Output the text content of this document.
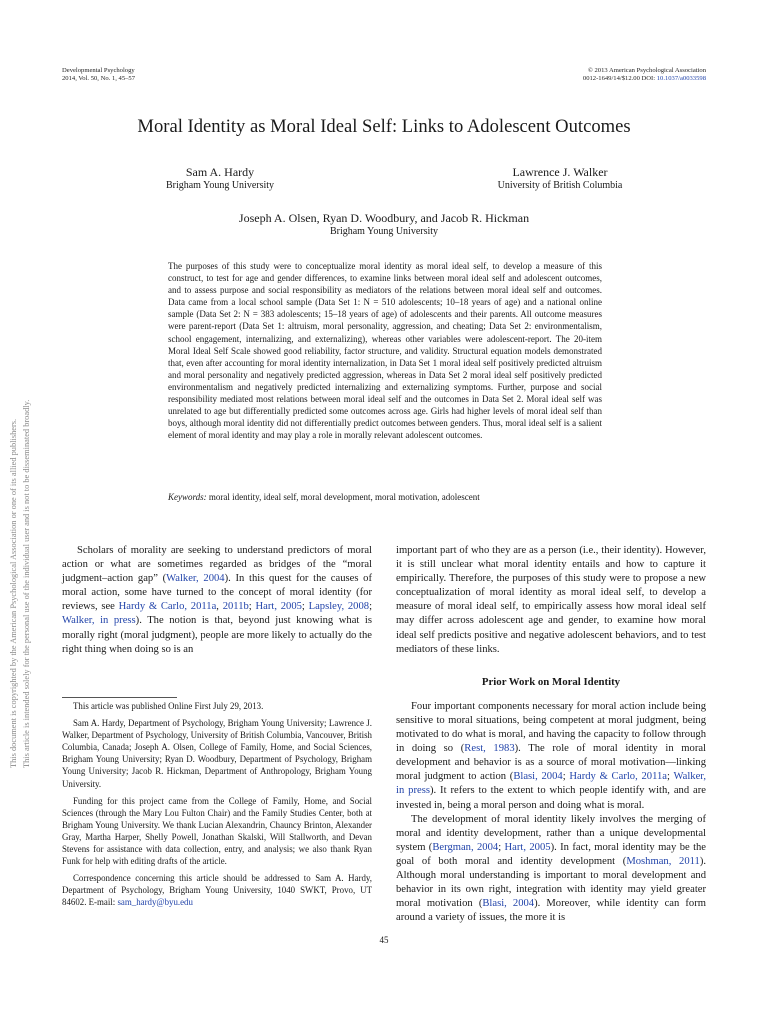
Developmental Psychology
2014, Vol. 50, No. 1, 45–57
© 2013 American Psychological Association
0012-1649/14/$12.00 DOI: 10.1037/a0033598
Moral Identity as Moral Ideal Self: Links to Adolescent Outcomes
Sam A. Hardy
Brigham Young University
Lawrence J. Walker
University of British Columbia
Joseph A. Olsen, Ryan D. Woodbury, and Jacob R. Hickman
Brigham Young University
The purposes of this study were to conceptualize moral identity as moral ideal self, to develop a measure of this construct, to test for age and gender differences, to examine links between moral ideal self and adolescent outcomes, and to assess purpose and social responsibility as mediators of the relations between moral ideal self and outcomes. Data came from a local school sample (Data Set 1: N = 510 adolescents; 10–18 years of age) and a national online sample (Data Set 2: N = 383 adolescents; 15–18 years of age) of adolescents and their parents. All outcome measures were parent-report (Data Set 1: altruism, moral personality, aggression, and cheating; Data Set 2: environmentalism, school engagement, internalizing, and externalizing), whereas other variables were adolescent-report. The 20-item Moral Ideal Self Scale showed good reliability, factor structure, and validity. Structural equation models demonstrated that, even after accounting for moral identity internalization, in Data Set 1 moral ideal self positively predicted altruism and moral personality and negatively predicted aggression, whereas in Data Set 2 moral ideal self positively predicted environmentalism and negatively predicted internalizing and externalizing symptoms. Further, purpose and social responsibility mediated most relations between moral ideal self and the outcomes in Data Set 2. Moral ideal self was unrelated to age but differentially predicted some outcomes across age. Girls had higher levels of moral ideal self than boys, although moral identity did not differentially predict outcomes between genders. Thus, moral ideal self is a salient element of moral identity and may play a role in morally relevant adolescent outcomes.
Keywords: moral identity, ideal self, moral development, moral motivation, adolescent

Scholars of morality are seeking to understand predictors of moral action or what are sometimes regarded as bridges of the “moral judgment–action gap” (Walker, 2004). In this quest for the causes of moral action, some have turned to the concept of moral identity (for reviews, see Hardy & Carlo, 2011a, 2011b; Hart, 2005; Lapsley, 2008; Walker, in press). The notion is that, beyond just knowing what is morally right (moral judgment), people are more likely to actually do the right thing when doing so is an

This article was published Online First July 29, 2013.

Sam A. Hardy, Department of Psychology, Brigham Young University; Lawrence J. Walker, Department of Psychology, University of British Columbia, Vancouver, British Columbia, Canada; Joseph A. Olsen, College of Family, Home, and Social Sciences, Brigham Young University; Ryan D. Woodbury, Department of Psychology, Brigham Young University; Jacob R. Hickman, Department of Anthropology, Brigham Young University.

Funding for this project came from the College of Family, Home, and Social Sciences (through the Mary Lou Fulton Chair) and the Family Studies Center, both at Brigham Young University. We thank Lucian Alexandrin, Chauncy Brinton, Alexander Gray, Martha Harper, Shelly Powell, Jonathan Skalski, Will Stallworth, and Devan Stevens for assistance with data collection, entry, and analysis; we also thank Ryan Funk for help with editing drafts of the article.

Correspondence concerning this article should be addressed to Sam A. Hardy, Department of Psychology, Brigham Young University, 1040 SWKT, Provo, UT 84602. E-mail: sam_hardy@byu.edu

important part of who they are as a person (i.e., their identity). However, it is still unclear what moral identity entails and how to capture it empirically. Therefore, the purposes of this study were to propose a new conceptualization of moral identity as moral ideal self, to develop a measure of moral ideal self, to empirically assess how moral ideal self may differ across adolescent age and gender, to examine how moral ideal self predicts positive and negative adolescent behaviors, and to test mediators of these links.

Prior Work on Moral Identity

Four important components necessary for moral action include being sensitive to moral situations, being competent at moral judgment, being motivated to do what is moral, and having the capacity to follow through in doing so (Rest, 1983). The role of moral identity in moral development and behavior is as a source of moral motivation—linking moral judgment to action (Blasi, 2004; Hardy & Carlo, 2011a; Walker, in press). It refers to the extent to which people identify with, and are invested in, being a moral person and doing what is moral.

The development of moral identity likely involves the merging of moral and identity development, rather than a unique developmental system (Bergman, 2004; Hart, 2005). In fact, moral identity may be the goal of both moral and identity development (Moshman, 2011). Although moral understanding is important to moral development and behavior in its own right, integration with identity may yield greater moral motivation (Blasi, 2004). Moreover, while identity can form around a variety of issues, the more it is

45
This document is copyrighted by the American Psychological Association or one of its allied publishers. This article is intended solely for the personal use of the individual user and is not to be disseminated broadly.
